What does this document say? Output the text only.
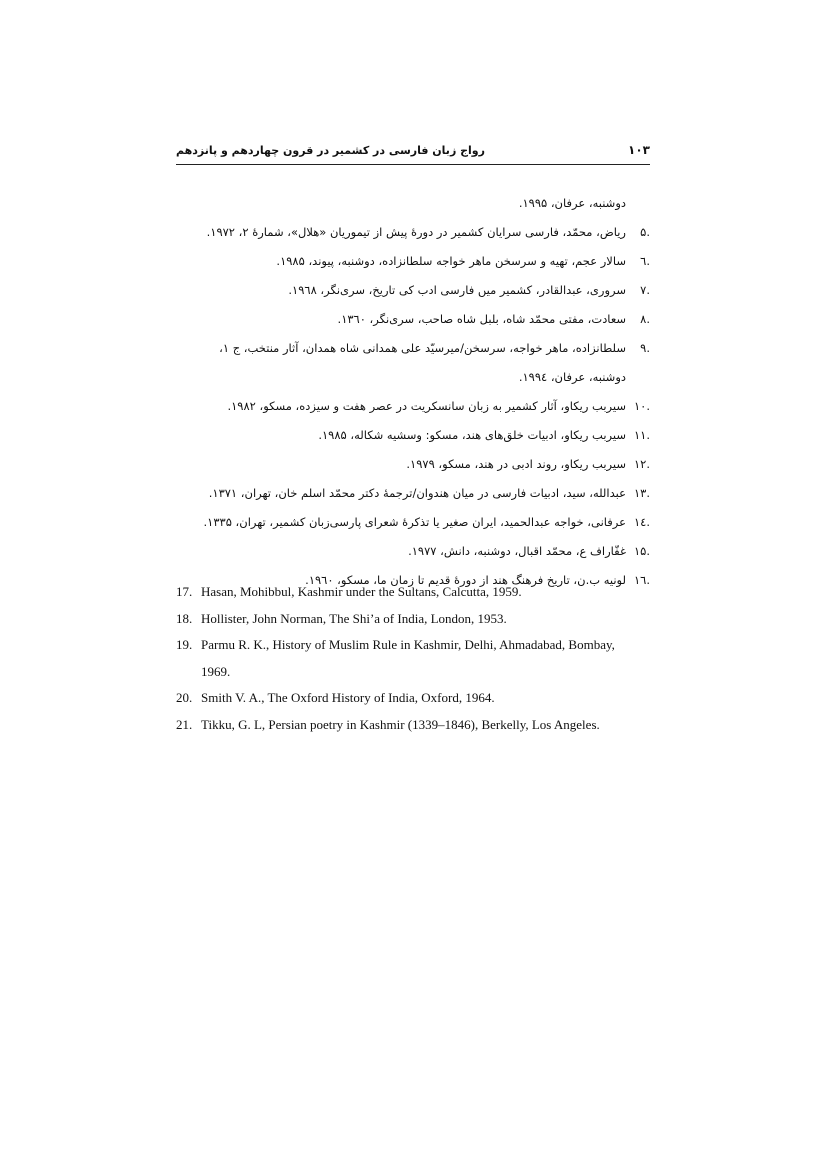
رواج زبان فارسی در کشمیر در قرون چهاردهم و پانزدهم	۱۰۳
دوشنبه، عرفان، ۱۹۹۵.
.۵
ریاض، محمّد، فارسی سرایان کشمیر در دورۀ پیش از تیموریان «هلال»، شمارۀ ۲، ۱۹۷۲.
.٦
سالار عجم، تهیه و سرسخن ماهر خواجه سلطانزاده، دوشنبه، پیوند، ۱۹۸۵.
.۷
سروری، عبدالقادر، کشمیر میں فارسی ادب کی تاریخ، سری‌نگر، ۱۹٦۸.
.۸
سعادت، مفتی محمّد شاه، بلبل شاه صاحب، سری‌نگر، ۱۳٦۰.
.۹
سلطانزاده، ماهر خواجه، سرسخن/میرسیّد علی همدانی شاه همدان، آثار منتخب، ج ۱،
دوشنبه، عرفان، ۱۹۹٤.
.۱۰
سیربب ریکاو، آثار کشمیر به زبان سانسکریت در عصر هفت و سیزده، مسکو، ۱۹۸۲.
.۱۱
سیربب ریکاو، ادبیات خلق‌های هند، مسکو: وسشیه شکاله، ۱۹۸۵.
.۱۲
سیربب ریکاو، روند ادبی در هند، مسکو، ۱۹۷۹.
.۱۳
عبدالله، سید، ادبیات فارسی در میان هندوان/ترجمۀ دکتر محمّد اسلم خان، تهران، ۱۳۷۱.
.۱٤
عرفانی، خواجه عبدالحمید، ایران صغیر یا تذکرۀ شعرای پارسی‌زبان کشمیر، تهران، ۱۳۳۵.
.۱۵
غفّاراف ع، محمّد اقبال، دوشنبه، دانش، ۱۹۷۷.
.۱٦
لونیه ب.ن، تاریخ فرهنگ هند از دورۀ قدیم تا زمان ما، مسکو، ۱۹٦۰.
17. Hasan, Mohibbul, Kashmir under the Sultans, Calcutta, 1959.
18. Hollister, John Norman, The Shi’a of India, London, 1953.
19. Parmu R. K., History of Muslim Rule in Kashmir, Delhi, Ahmadabad, Bombay,
1969.
20. Smith V. A., The Oxford History of India, Oxford, 1964.
21. Tikku, G. L, Persian poetry in Kashmir (1339–1846), Berkelly, Los Angeles.
